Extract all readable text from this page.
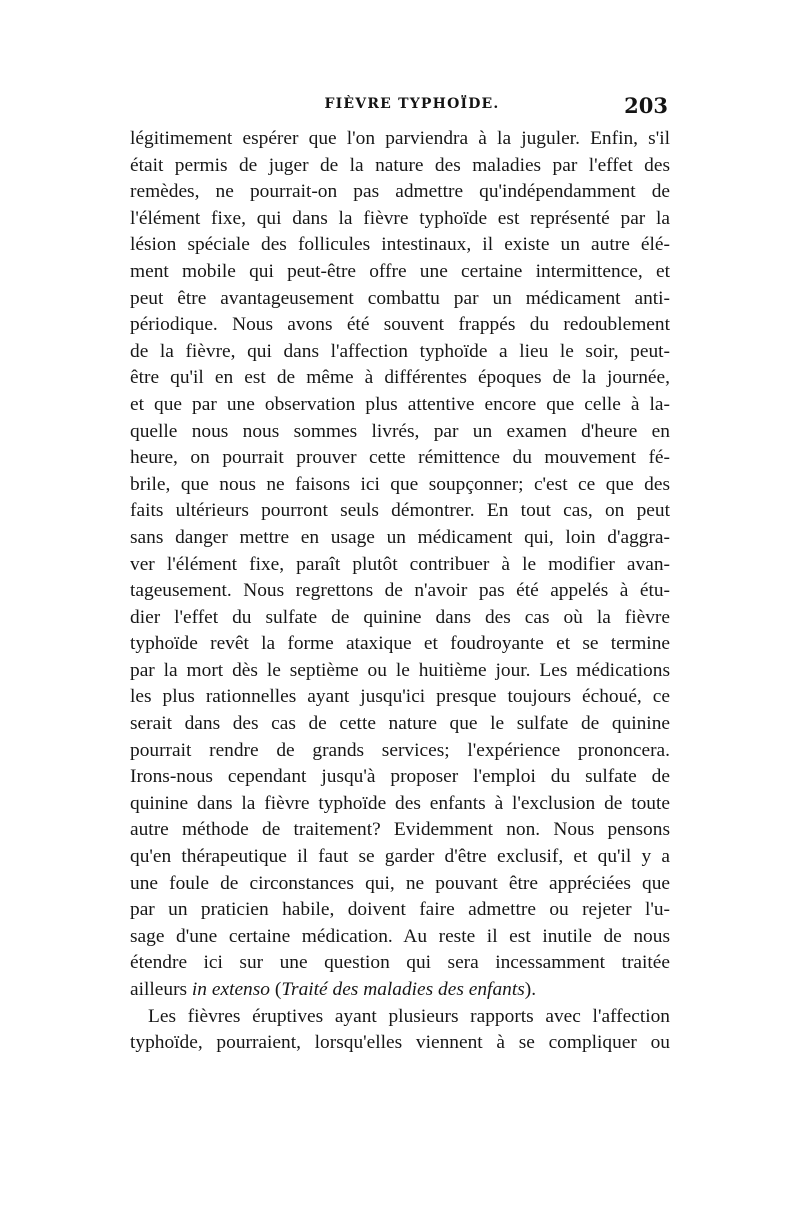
FIÈVRE TYPHOÏDE.	203
légitimement espérer que l'on parviendra à la juguler. Enfin, s'il
était permis de juger de la nature des maladies par l'effet des
remèdes, ne pourrait-on pas admettre qu'indépendamment de
l'élément fixe, qui dans la fièvre typhoïde est représenté par la
lésion spéciale des follicules intestinaux, il existe un autre élé-
ment mobile qui peut-être offre une certaine intermittence, et
peut être avantageusement combattu par un médicament anti-
périodique. Nous avons été souvent frappés du redoublement
de la fièvre, qui dans l'affection typhoïde a lieu le soir, peut-
être qu'il en est de même à différentes époques de la journée,
et que par une observation plus attentive encore que celle à la-
quelle nous nous sommes livrés, par un examen d'heure en
heure, on pourrait prouver cette rémittence du mouvement fé-
brile, que nous ne faisons ici que soupçonner; c'est ce que des
faits ultérieurs pourront seuls démontrer. En tout cas, on peut
sans danger mettre en usage un médicament qui, loin d'aggra-
ver l'élément fixe, paraît plutôt contribuer à le modifier avan-
tageusement. Nous regrettons de n'avoir pas été appelés à étu-
dier l'effet du sulfate de quinine dans des cas où la fièvre
typhoïde revêt la forme ataxique et foudroyante et se termine
par la mort dès le septième ou le huitième jour. Les médications
les plus rationnelles ayant jusqu'ici presque toujours échoué, ce
serait dans des cas de cette nature que le sulfate de quinine
pourrait rendre de grands services; l'expérience prononcera.
Irons-nous cependant jusqu'à proposer l'emploi du sulfate de
quinine dans la fièvre typhoïde des enfants à l'exclusion de toute
autre méthode de traitement? Evidemment non. Nous pensons
qu'en thérapeutique il faut se garder d'être exclusif, et qu'il y a
une foule de circonstances qui, ne pouvant être appréciées que
par un praticien habile, doivent faire admettre ou rejeter l'u-
sage d'une certaine médication. Au reste il est inutile de nous
étendre ici sur une question qui sera incessamment traitée
ailleurs in extenso (Traité des maladies des enfants).
Les fièvres éruptives ayant plusieurs rapports avec l'affection
typhoïde, pourraient, lorsqu'elles viennent à se compliquer ou
